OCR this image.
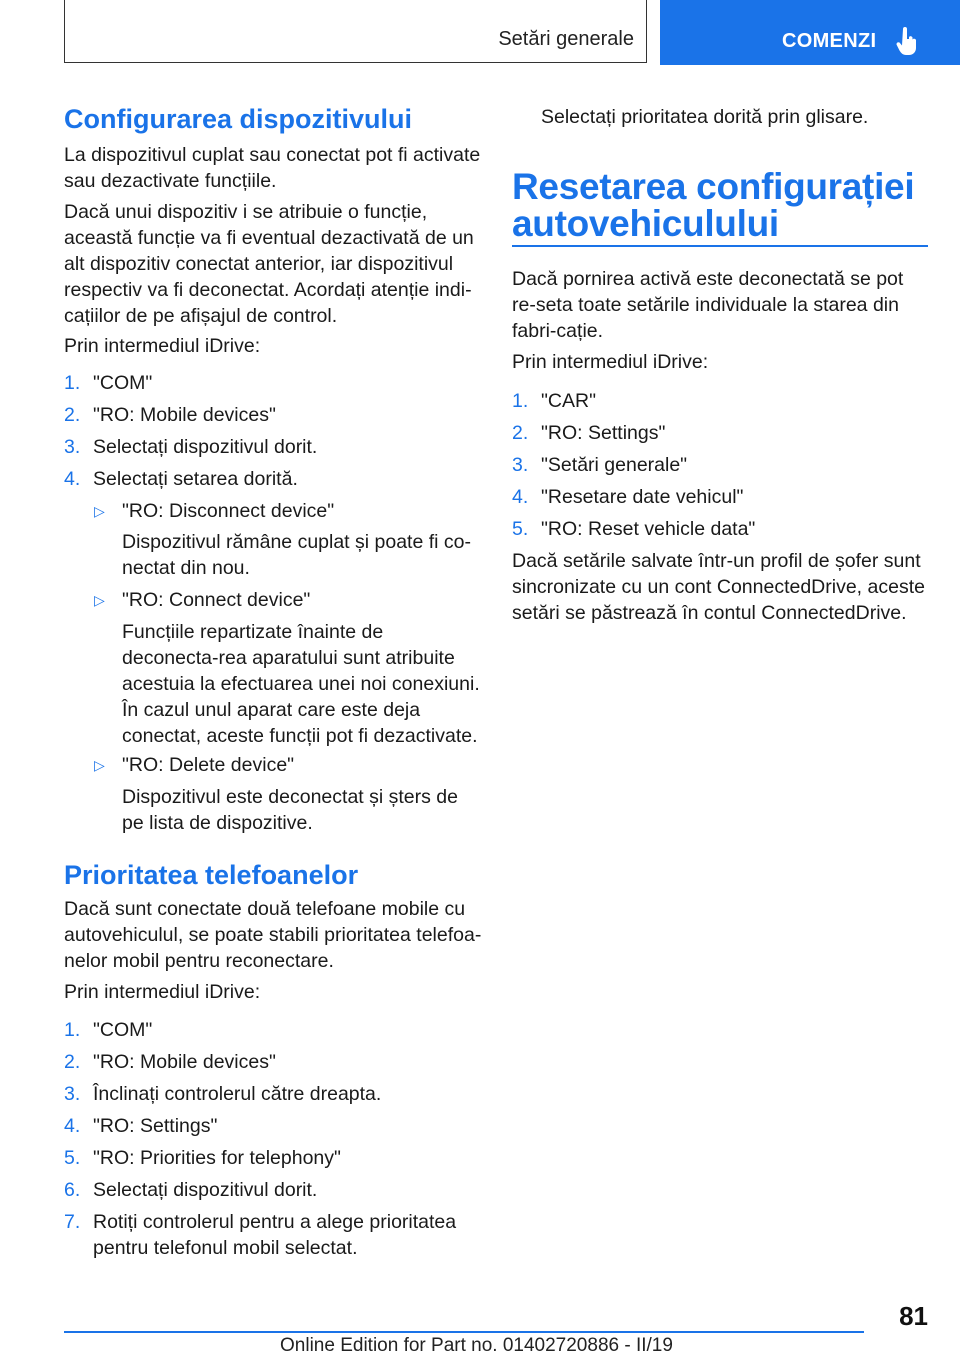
Setări generale	COMENZI
Configurarea dispozitivului

La dispozitivul cuplat sau conectat pot fi activate sau dezactivate funcțiile.

Dacă unui dispozitiv i se atribuie o funcție, această funcție va fi eventual dezactivată de un alt dispozitiv conectat anterior, iar dispozitivul respectiv va fi deconectat. Acordați atenție indi-cațiilor de pe afișajul de control.

Prin intermediul iDrive:

1. "COM"
2. "RO: Mobile devices"
3. Selectați dispozitivul dorit.
4. Selectați setarea dorită.
▷ "RO: Disconnect device"

Dispozitivul rămâne cuplat și poate fi co-nectat din nou.

▷ "RO: Connect device"

Funcțiile repartizate înainte de deconecta-rea aparatului sunt atribuite acestuia la efectuarea unei noi conexiuni. În cazul unul aparat care este deja conectat, aceste funcții pot fi dezactivate.

▷ "RO: Delete device"

Dispozitivul este deconectat și șters de pe lista de dispozitive.

Prioritatea telefoanelor

Dacă sunt conectate două telefoane mobile cu autovehiculul, se poate stabili prioritatea telefoa-nelor mobil pentru reconectare.

Prin intermediul iDrive:

1. "COM"
2. "RO: Mobile devices"
3. Înclinați controlerul către dreapta.
4. "RO: Settings"
5. "RO: Priorities for telephony"
6. Selectați dispozitivul dorit.
7. Rotiți controlerul pentru a alege prioritatea
pentru telefonul mobil selectat.

Selectați prioritatea dorită prin glisare.

Resetarea configurației
autovehiculului

Dacă pornirea activă este deconectată se pot re-seta toate setările individuale la starea din fabri-cație.

Prin intermediul iDrive:

1. "CAR"
2. "RO: Settings"
3. "Setări generale"
4. "Resetare date vehicul"
5. "RO: Reset vehicle data"

Dacă setările salvate într-un profil de șofer sunt sincronizate cu un cont ConnectedDrive, aceste setări se păstrează în contul ConnectedDrive.

81
Online Edition for Part no. 01402720886 - II/19
